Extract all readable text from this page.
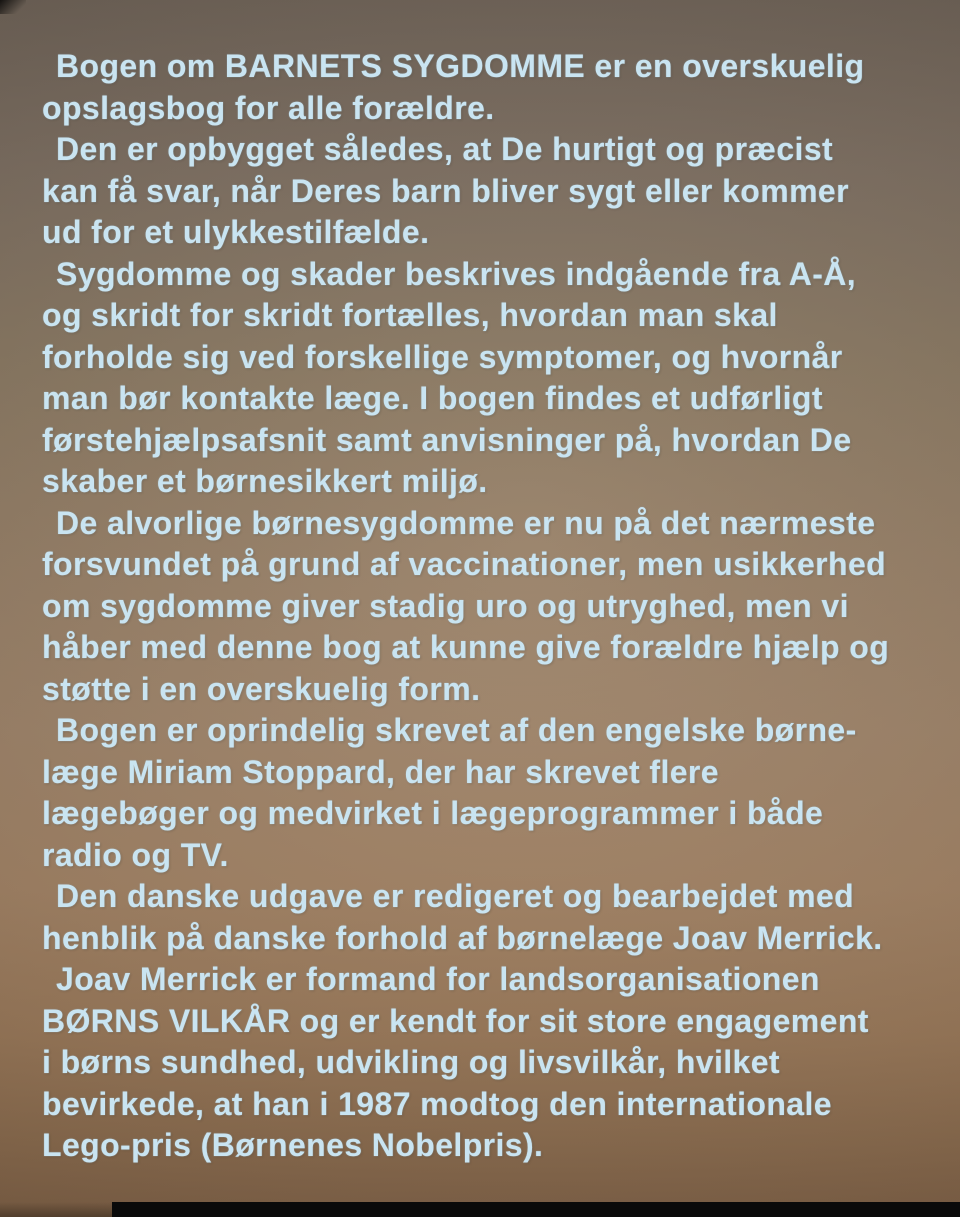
Bogen om BARNETS SYGDOMME er en overskuelig
opslagsbog for alle forældre.
Den er opbygget således, at De hurtigt og præcist
kan få svar, når Deres barn bliver sygt eller kommer
ud for et ulykkestilfælde.
Sygdomme og skader beskrives indgående fra A-Å,
og skridt for skridt fortælles, hvordan man skal
forholde sig ved forskellige symptomer, og hvornår
man bør kontakte læge. I bogen findes et udførligt
førstehjælpsafsnit samt anvisninger på, hvordan De
skaber et børnesikkert miljø.
De alvorlige børnesygdomme er nu på det nærmeste
forsvundet på grund af vaccinationer, men usikkerhed
om sygdomme giver stadig uro og utryghed, men vi
håber med denne bog at kunne give forældre hjælp og
støtte i en overskuelig form.
Bogen er oprindelig skrevet af den engelske børne-
læge Miriam Stoppard, der har skrevet flere
lægebøger og medvirket i lægeprogrammer i både
radio og TV.
Den danske udgave er redigeret og bearbejdet med
henblik på danske forhold af børnelæge Joav Merrick.
Joav Merrick er formand for landsorganisationen
BØRNS VILKÅR og er kendt for sit store engagement
i børns sundhed, udvikling og livsvilkår, hvilket
bevirkede, at han i 1987 modtog den internationale
Lego-pris (Børnenes Nobelpris).
